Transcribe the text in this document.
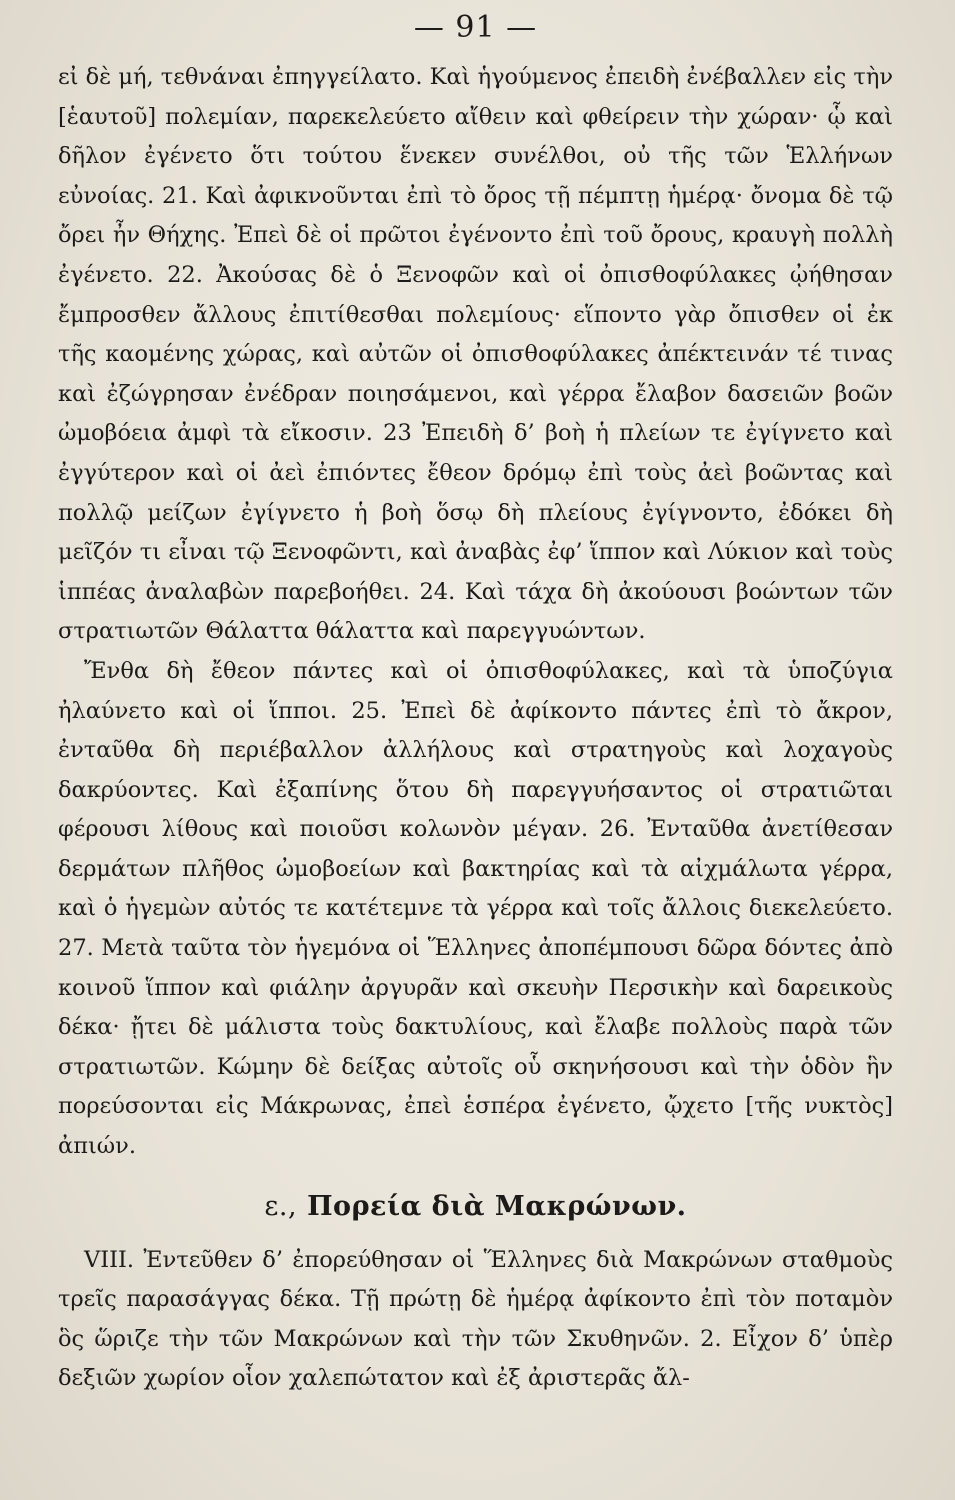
— 91 —

εἰ δὲ μή, τεθνάναι ἐπηγγείλατο. Καὶ ἡγούμενος ἐπειδὴ ἐνέβαλλεν εἰς τὴν [ἑαυτοῦ] πολεμίαν, παρεκελεύετο αἴθειν καὶ φθείρειν τὴν χώραν· ᾧ καὶ δῆλον ἐγένετο ὅτι τούτου ἕνεκεν συνέλθοι, οὐ τῆς τῶν Ἑλλήνων εὐνοίας. 21. Καὶ ἀφικνοῦνται ἐπὶ τὸ ὄρος τῇ πέμπτῃ ἡμέρᾳ· ὄνομα δὲ τῷ ὄρει ἦν Θήχης. Ἐπεὶ δὲ οἱ πρῶτοι ἐγένοντο ἐπὶ τοῦ ὄρους, κραυγὴ πολλὴ ἐγένετο. 22. Ἀκούσας δὲ ὁ Ξενοφῶν καὶ οἱ ὀπισθοφύλακες ᾠήθησαν ἔμπροσθεν ἄλλους ἐπιτίθεσθαι πολεμίους· εἵποντο γὰρ ὄπισθεν οἱ ἐκ τῆς καομένης χώρας, καὶ αὐτῶν οἱ ὀπισθοφύλακες ἀπέκτεινάν τέ τινας καὶ ἐζώγρησαν ἐνέδραν ποιησάμενοι, καὶ γέρρα ἔλαβον δασειῶν βοῶν ὠμοβόεια ἀμφὶ τὰ εἴκοσιν. 23 Ἐπειδὴ δ’ βοὴ ἡ πλείων τε ἐγίγνετο καὶ ἐγγύτερον καὶ οἱ ἀεὶ ἐπιόντες ἔθεον δρόμῳ ἐπὶ τοὺς ἀεὶ βοῶντας καὶ πολλῷ μείζων ἐγίγνετο ἡ βοὴ ὅσῳ δὴ πλείους ἐγίγνοντο, ἐδόκει δὴ μεῖζόν τι εἶναι τῷ Ξενοφῶντι, καὶ ἀναβὰς ἐφ’ ἵππον καὶ Λύκιον καὶ τοὺς ἱππέας ἀναλαβὼν παρεβοήθει. 24. Καὶ τάχα δὴ ἀκούουσι βοώντων τῶν στρατιωτῶν Θάλαττα θάλαττα καὶ παρεγγυώντων.

Ἔνθα δὴ ἔθεον πάντες καὶ οἱ ὀπισθοφύλακες, καὶ τὰ ὑποζύγια ἠλαύνετο καὶ οἱ ἵπποι. 25. Ἐπεὶ δὲ ἀφίκοντο πάντες ἐπὶ τὸ ἄκρον, ἐνταῦθα δὴ περιέβαλλον ἀλλήλους καὶ στρατηγοὺς καὶ λοχαγοὺς δακρύοντες. Καὶ ἐξαπίνης ὅτου δὴ παρεγγυήσαντος οἱ στρατιῶται φέρουσι λίθους καὶ ποιοῦσι κολωνὸν μέγαν. 26. Ἐνταῦθα ἀνετίθεσαν δερμάτων πλῆθος ὠμοβοείων καὶ βακτηρίας καὶ τὰ αἰχμάλωτα γέρρα, καὶ ὁ ἡγεμὼν αὐτός τε κατέτεμνε τὰ γέρρα καὶ τοῖς ἄλλοις διεκελεύετο. 27. Μετὰ ταῦτα τὸν ἡγεμόνα οἱ Ἕλληνες ἀποπέμπουσι δῶρα δόντες ἀπὸ κοινοῦ ἵππον καὶ φιάλην ἀργυρᾶν καὶ σκευὴν Περσικὴν καὶ δαρεικοὺς δέκα· ᾔτει δὲ μάλιστα τοὺς δακτυλίους, καὶ ἔλαβε πολλοὺς παρὰ τῶν στρατιωτῶν. Κώμην δὲ δείξας αὐτοῖς οὗ σκηνήσουσι καὶ τὴν ὁδὸν ἣν πορεύσονται εἰς Μάκρωνας, ἐπεὶ ἑσπέρα ἐγένετο, ᾤχετο [τῆς νυκτὸς] ἀπιών.

ε., Πορεία διὰ Μακρώνων.

VIII. Ἐντεῦθεν δ’ ἐπορεύθησαν οἱ Ἕλληνες διὰ Μακρώνων σταθμοὺς τρεῖς παρασάγγας δέκα. Τῇ πρώτῃ δὲ ἡμέρᾳ ἀφίκοντο ἐπὶ τὸν ποταμὸν ὃς ὥριζε τὴν τῶν Μακρώνων καὶ τὴν τῶν Σκυθηνῶν. 2. Εἶχον δ’ ὑπὲρ δεξιῶν χωρίον οἷον χαλεπώτατον καὶ ἐξ ἀριστερᾶς ἄλ-
